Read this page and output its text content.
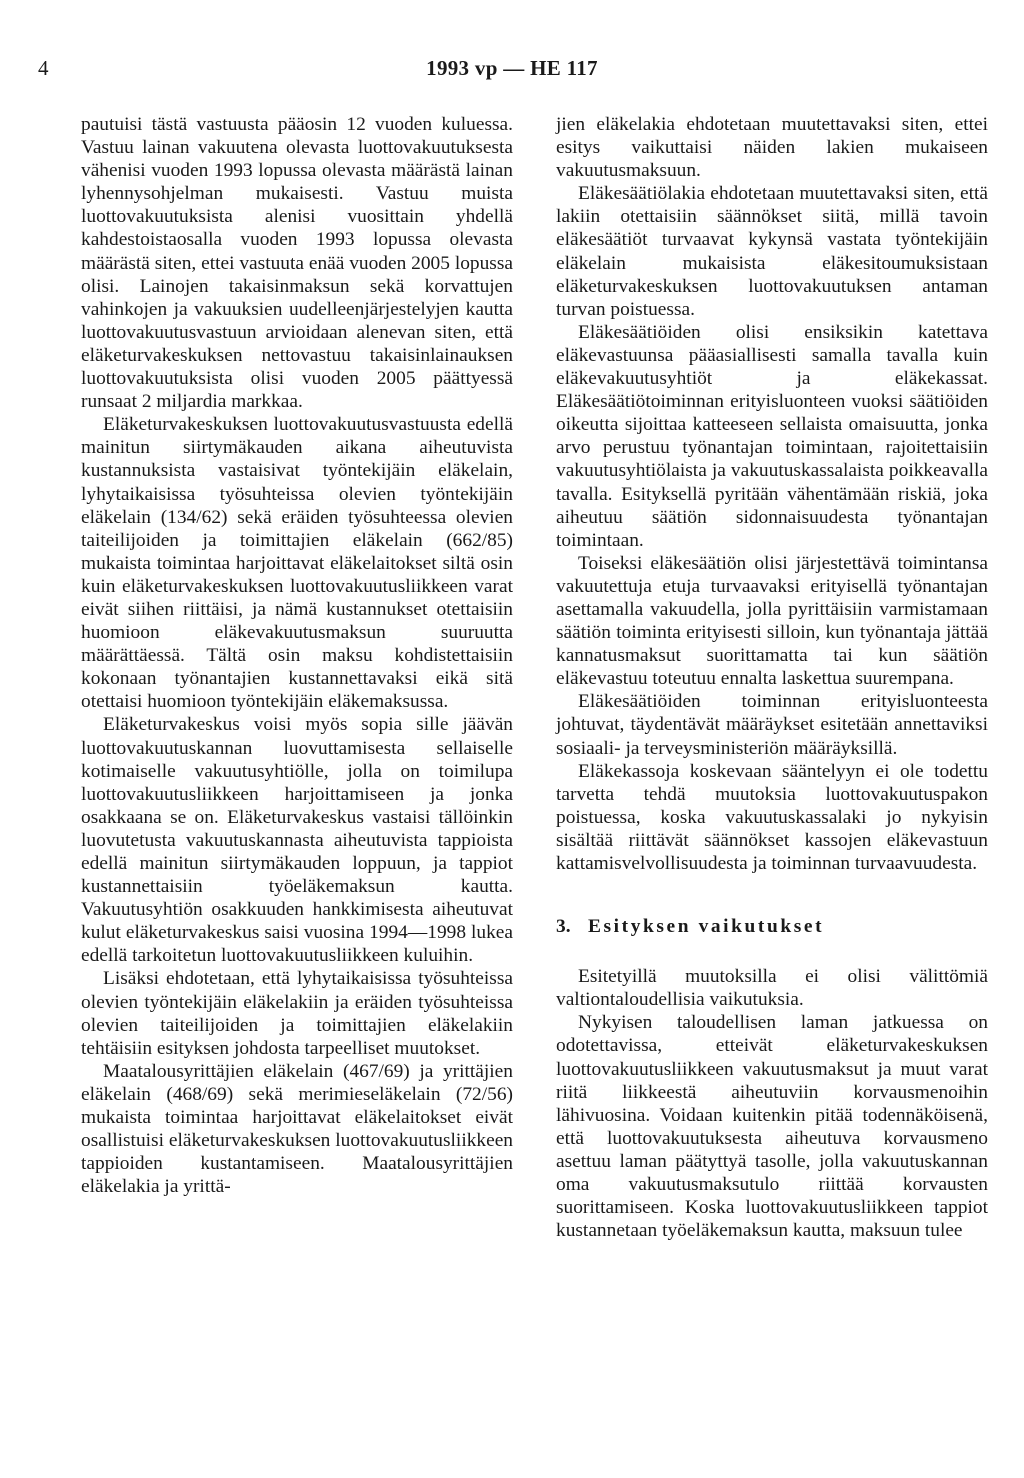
4	1993 vp — HE 117

pautuisi tästä vastuusta pääosin 12 vuoden kuluessa. Vastuu lainan vakuutena olevasta luottovakuutuksesta vähenisi vuoden 1993 lopussa olevasta määrästä lainan lyhennysohjelman mukaisesti. Vastuu muista luottovakuutuksista alenisi vuosittain yhdellä kahdestoistaosalla vuoden 1993 lopussa olevasta määrästä siten, ettei vastuuta enää vuoden 2005 lopussa olisi. Lainojen takaisinmaksun sekä korvattujen vahinkojen ja vakuuksien uudelleenjärjestelyjen kautta luottovakuutusvastuun arvioidaan alenevan siten, että eläketurvakeskuksen nettovastuu takaisinlainauksen luottovakuutuksista olisi vuoden 2005 päättyessä runsaat 2 miljardia markkaa.

Eläketurvakeskuksen luottovakuutusvastuusta edellä mainitun siirtymäkauden aikana aiheutuvista kustannuksista vastaisivat työntekijäin eläkelain, lyhytaikaisissa työsuhteissa olevien työntekijäin eläkelain (134/62) sekä eräiden työsuhteessa olevien taiteilijoiden ja toimittajien eläkelain (662/85) mukaista toimintaa harjoittavat eläkelaitokset siltä osin kuin eläketurvakeskuksen luottovakuutusliikkeen varat eivät siihen riittäisi, ja nämä kustannukset otettaisiin huomioon eläkevakuutusmaksun suuruutta määrättäessä. Tältä osin maksu kohdistettaisiin kokonaan työnantajien kustannettavaksi eikä sitä otettaisi huomioon työntekijäin eläkemaksussa.

Eläketurvakeskus voisi myös sopia sille jäävän luottovakuutuskannan luovuttamisesta sellaiselle kotimaiselle vakuutusyhtiölle, jolla on toimilupa luottovakuutusliikkeen harjoittamiseen ja jonka osakkaana se on. Eläketurvakeskus vastaisi tällöinkin luovutetusta vakuutuskannasta aiheutuvista tappioista edellä mainitun siirtymäkauden loppuun, ja tappiot kustannettaisiin työeläkemaksun kautta. Vakuutusyhtiön osakkuuden hankkimisesta aiheutuvat kulut eläketurvakeskus saisi vuosina 1994—1998 lukea edellä tarkoitetun luottovakuutusliikkeen kuluihin.

Lisäksi ehdotetaan, että lyhytaikaisissa työsuhteissa olevien työntekijäin eläkelakiin ja eräiden työsuhteissa olevien taiteilijoiden ja toimittajien eläkelakiin tehtäisiin esityksen johdosta tarpeelliset muutokset.

Maatalousyrittäjien eläkelain (467/69) ja yrittäjien eläkelain (468/69) sekä merimieseläkelain (72/56) mukaista toimintaa harjoittavat eläkelaitokset eivät osallistuisi eläketurvakeskuksen luottovakuutusliikkeen tappioiden kustantamiseen. Maatalousyrittäjien eläkelakia ja yrittä-

jien eläkelakia ehdotetaan muutettavaksi siten, ettei esitys vaikuttaisi näiden lakien mukaiseen vakuutusmaksuun.

Eläkesäätiölakia ehdotetaan muutettavaksi siten, että lakiin otettaisiin säännökset siitä, millä tavoin eläkesäätiöt turvaavat kykynsä vastata työntekijäin eläkelain mukaisista eläkesitoumuksistaan eläketurvakeskuksen luottovakuutuksen antaman turvan poistuessa.

Eläkesäätiöiden olisi ensiksikin katettava eläkevastuunsa pääasiallisesti samalla tavalla kuin eläkevakuutusyhtiöt ja eläkekassat. Eläkesäätiötoiminnan erityisluonteen vuoksi säätiöiden oikeutta sijoittaa katteeseen sellaista omaisuutta, jonka arvo perustuu työnantajan toimintaan, rajoitettaisiin vakuutusyhtiölaista ja vakuutuskassalaista poikkeavalla tavalla. Esityksellä pyritään vähentämään riskiä, joka aiheutuu säätiön sidonnaisuudesta työnantajan toimintaan.

Toiseksi eläkesäätiön olisi järjestettävä toimintansa vakuutettuja etuja turvaavaksi erityisellä työnantajan asettamalla vakuudella, jolla pyrittäisiin varmistamaan säätiön toiminta erityisesti silloin, kun työnantaja jättää kannatusmaksut suorittamatta tai kun säätiön eläkevastuu toteutuu ennalta laskettua suurempana.

Eläkesäätiöiden toiminnan erityisluonteesta johtuvat, täydentävät määräykset esitetään annettaviksi sosiaali- ja terveysministeriön määräyksillä.

Eläkekassoja koskevaan sääntelyyn ei ole todettu tarvetta tehdä muutoksia luottovakuutuspakon poistuessa, koska vakuutuskassalaki jo nykyisin sisältää riittävät säännökset kassojen eläkevastuun kattamisvelvollisuudesta ja toiminnan turvaavuudesta.

3. Esityksen vaikutukset

Esitetyillä muutoksilla ei olisi välittömiä valtiontaloudellisia vaikutuksia.

Nykyisen taloudellisen laman jatkuessa on odotettavissa, etteivät eläketurvakeskuksen luottovakuutusliikkeen vakuutusmaksut ja muut varat riitä liikkeestä aiheutuviin korvausmenoihin lähivuosina. Voidaan kuitenkin pitää todennäköisenä, että luottovakuutuksesta aiheutuva korvausmeno asettuu laman päätyttyä tasolle, jolla vakuutuskannan oma vakuutusmaksutulo riittää korvausten suorittamiseen. Koska luottovakuutusliikkeen tappiot kustannetaan työeläkemaksun kautta, maksuun tulee
